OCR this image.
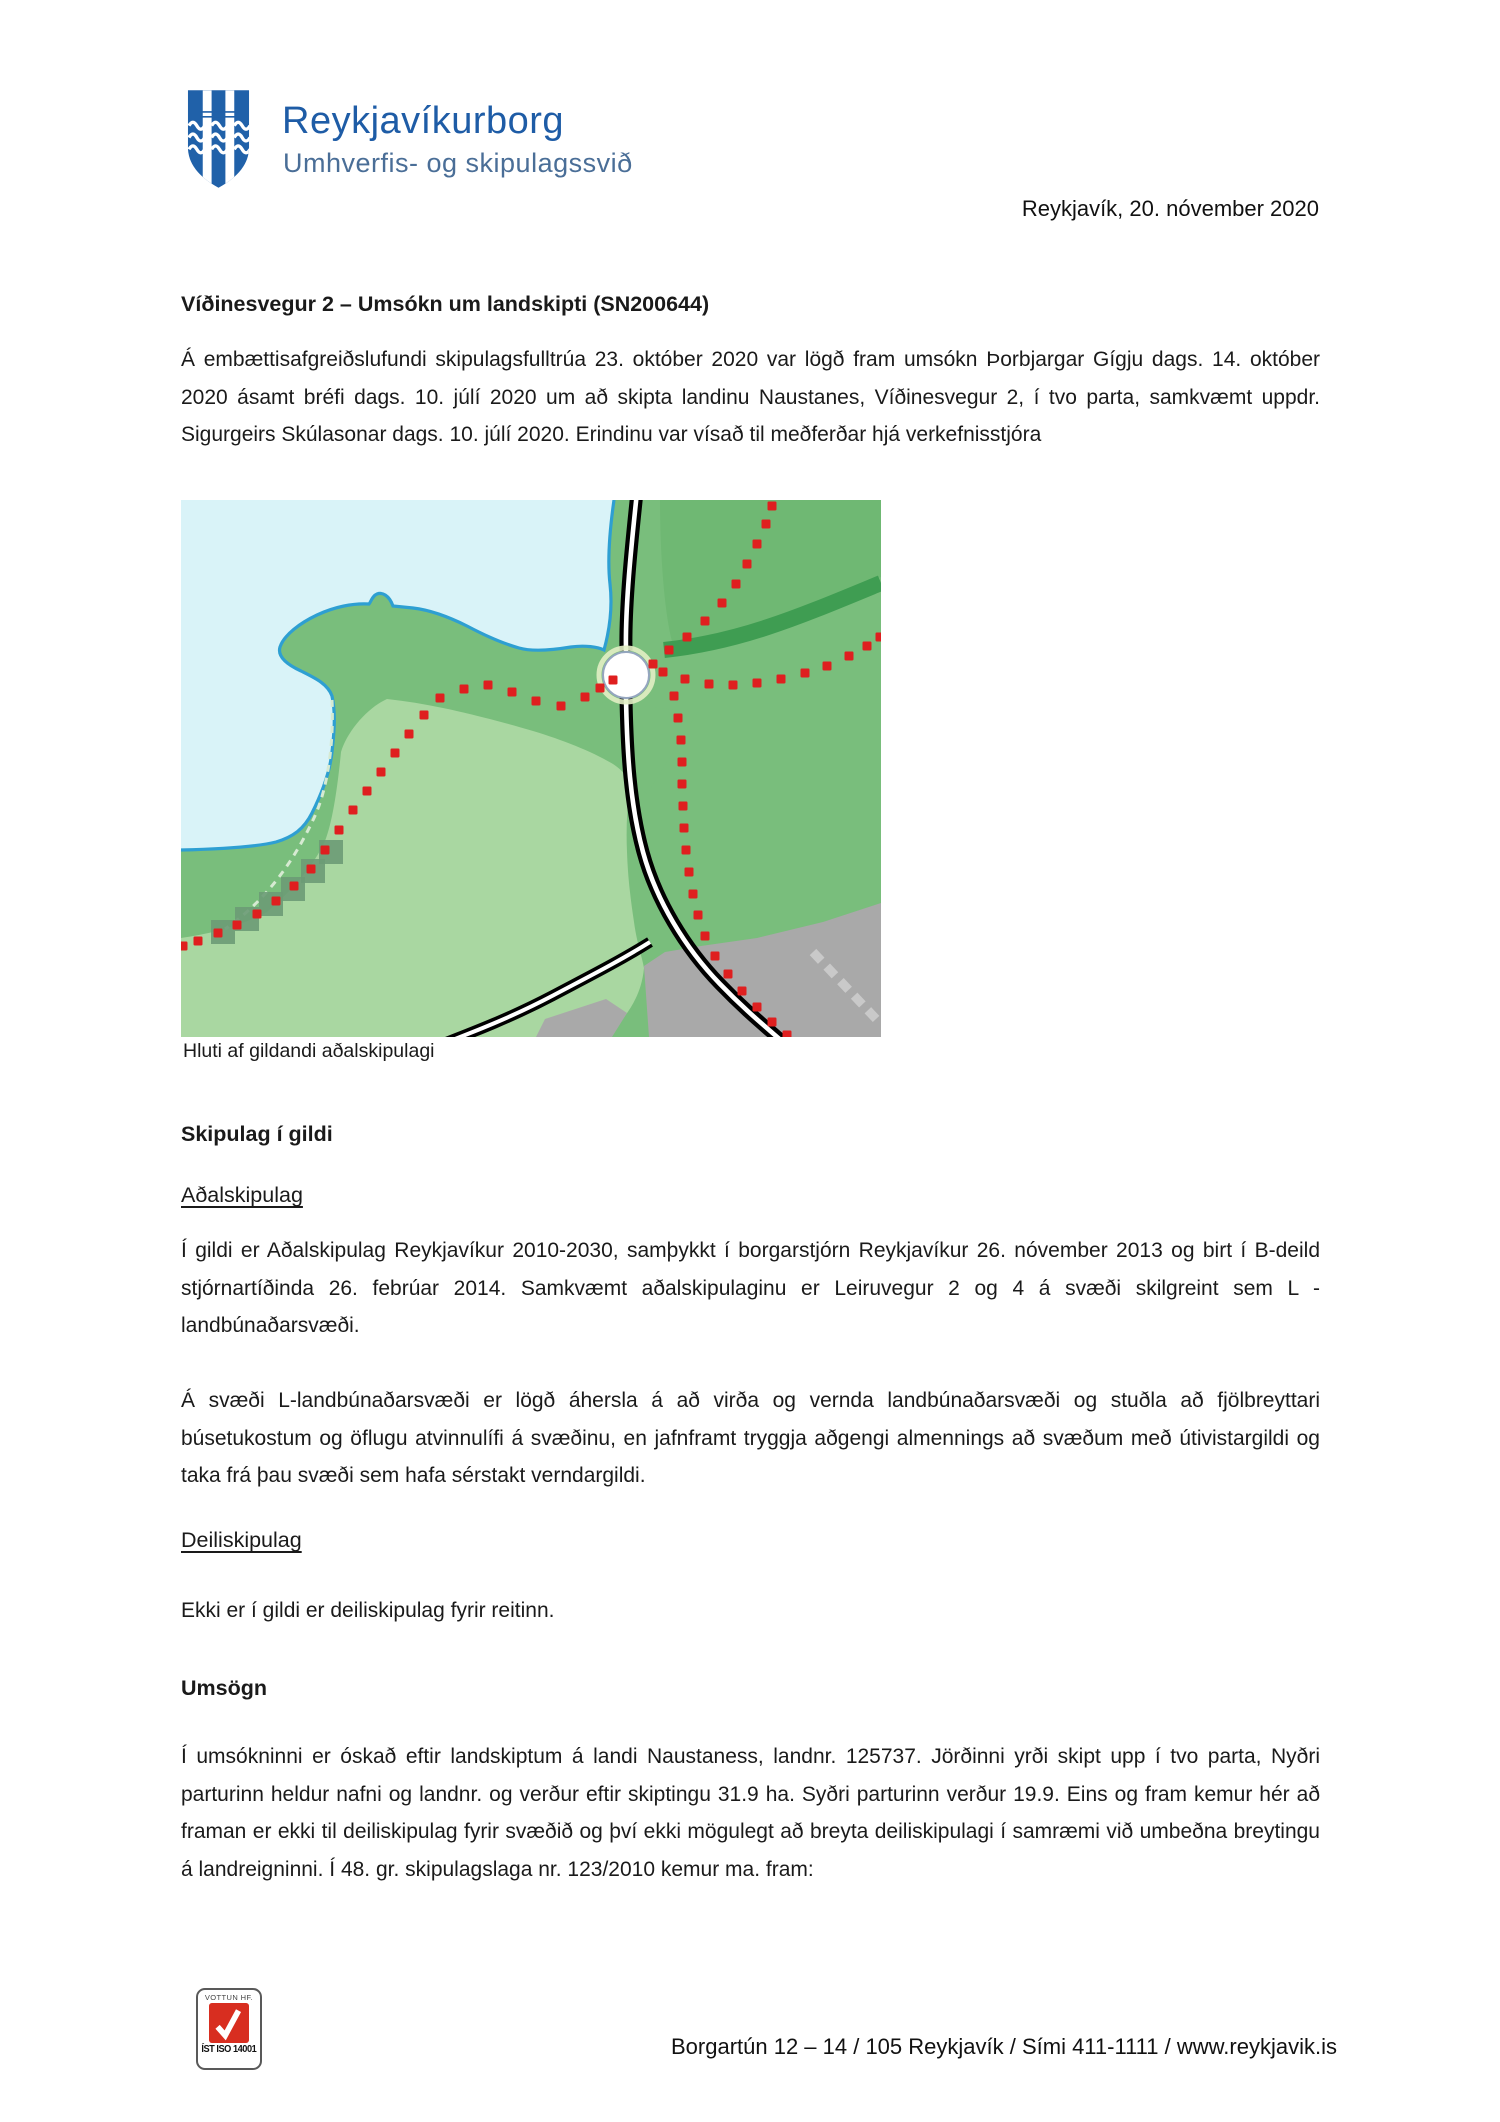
Reykjavíkurborg
Umhverfis- og skipulagssvið
Reykjavík, 20. nóvember 2020
Víðinesvegur 2 – Umsókn um landskipti (SN200644)
Á embættisafgreiðslufundi skipulagsfulltrúa 23. október 2020 var lögð fram umsókn Þorbjargar Gígju dags. 14. október 2020 ásamt bréfi dags. 10. júlí 2020 um að skipta landinu Naustanes, Víðinesvegur 2, í tvo parta, samkvæmt uppdr. Sigurgeirs Skúlasonar dags. 10. júlí 2020. Erindinu var vísað til meðferðar hjá verkefnisstjóra
Hluti af gildandi aðalskipulagi
Skipulag í gildi
Aðalskipulag
Í gildi er Aðalskipulag Reykjavíkur 2010-2030, samþykkt í borgarstjórn Reykjavíkur 26. nóvember 2013 og birt í B-deild stjórnartíðinda 26. febrúar 2014. Samkvæmt aðalskipulaginu er Leiruvegur 2 og 4 á svæði skilgreint sem L - landbúnaðarsvæði.
Á svæði L-landbúnaðarsvæði er lögð áhersla á að virða og vernda landbúnaðarsvæði og stuðla að fjölbreyttari búsetukostum og öflugu atvinnulífi á svæðinu, en jafnframt tryggja aðgengi almennings að svæðum með útivistargildi og taka frá þau svæði sem hafa sérstakt verndargildi.
Deiliskipulag
Ekki er í gildi er deiliskipulag fyrir reitinn.
Umsögn
Í umsókninni er óskað eftir landskiptum á landi Naustaness, landnr. 125737. Jörðinni yrði skipt upp í tvo parta, Nyðri parturinn heldur nafni og landnr. og verður eftir skiptingu 31.9 ha. Syðri parturinn verður 19.9. Eins og fram kemur hér að framan er ekki til deiliskipulag fyrir svæðið og því ekki mögulegt að breyta deiliskipulagi í samræmi við umbeðna breytingu á landreigninni. Í 48. gr. skipulagslaga nr. 123/2010 kemur ma. fram:
VOTTUN HF.
ÍST ISO 14001	Borgartún 12 – 14 / 105 Reykjavík / Sími 411-1111 / www.reykjavik.is
